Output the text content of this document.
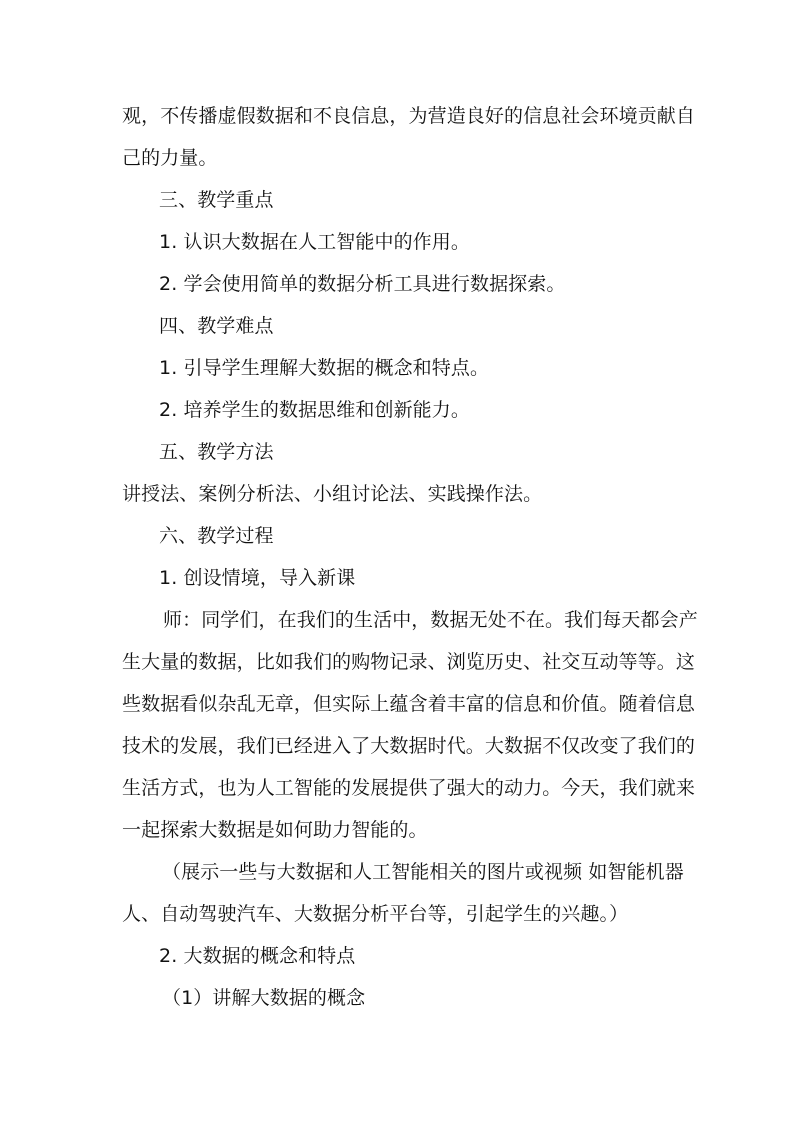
观，不传播虚假数据和不良信息，为营造良好的信息社会环境贡献自
己的力量。
三、教学重点
1. 认识大数据在人工智能中的作用。
2. 学会使用简单的数据分析工具进行数据探索。
四、教学难点
1. 引导学生理解大数据的概念和特点。
2. 培养学生的数据思维和创新能力。
五、教学方法
讲授法、案例分析法、小组讨论法、实践操作法。
六、教学过程
1. 创设情境，导入新课
师：同学们，在我们的生活中，数据无处不在。我们每天都会产
生大量的数据，比如我们的购物记录、浏览历史、社交互动等等。这
些数据看似杂乱无章，但实际上蕴含着丰富的信息和价值。随着信息
技术的发展，我们已经进入了大数据时代。大数据不仅改变了我们的
生活方式，也为人工智能的发展提供了强大的动力。今天，我们就来
一起探索大数据是如何助力智能的。
（展示一些与大数据和人工智能相关的图片或视频 如智能机器
人、自动驾驶汽车、大数据分析平台等，引起学生的兴趣。）
2. 大数据的概念和特点
（1）讲解大数据的概念
